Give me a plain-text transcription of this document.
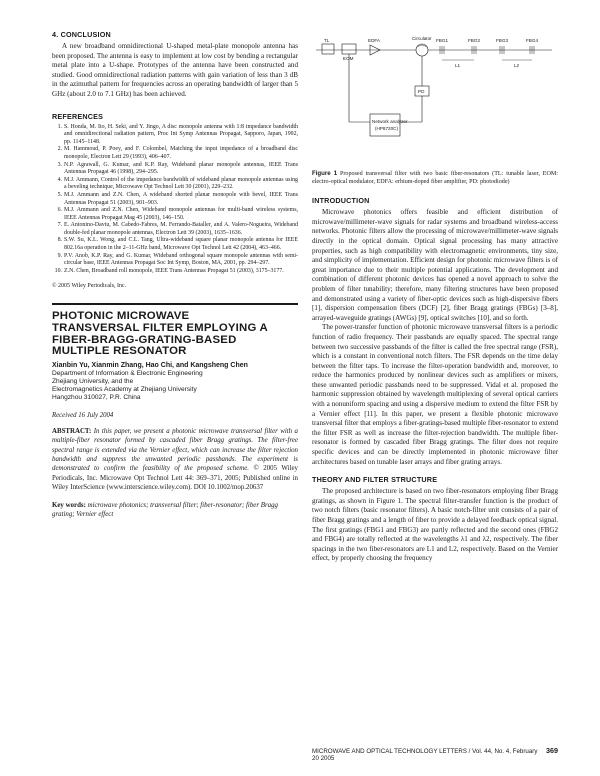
4. CONCLUSION

A new broadband omnidirectional U-shaped metal-plate monopole antenna has been proposed. The antenna is easy to implement at low cost by bending a rectangular metal plate into a U-shape. Prototypes of the antenna have been constructed and studied. Good omnidirectional radiation patterns with gain variation of less than 3 dB in the azimuthal pattern for frequencies across an operating bandwidth of larger than 5 GHz (about 2.0 to 7.1 GHz) has been achieved.

REFERENCES
1. S. Honda, M. Ito, H. Seki, and Y. Jingo, A disc monopole antenna with 1:8 impedance bandwidth and omnidirectional radiation pattern, Proc Int Symp Antennas Propagat, Sapporo, Japan, 1992, pp. 1145–1148.
2. M. Hammoud, P. Poey, and F. Colombel, Matching the input impedance of a broadband disc monopole, Electron Lett 29 (1993), 406–407.
3. N.P. Agrawall, G. Kumar, and K.P. Ray, Wideband planar monopole antennas, IEEE Trans Antennas Propagat 46 (1998), 294–295.
4. M.J. Ammann, Control of the impedance bandwidth of wideband planar monopole antennas using a beveling technique, Microwave Opt Technol Lett 30 (2001), 229–232.
5. M.J. Ammann and Z.N. Chen, A wideband shorted planar monopole with bevel, IEEE Trans Antennas Propagat 51 (2003), 901–903.
6. M.J. Ammann and Z.N. Chen, Wideband monopole antennas for multi-band wireless systems, IEEE Antennas Propagat Mag 45 (2003), 146–150.
7. E. Antonino-Daviu, M. Cabedo-Fabres, M. Ferrando-Bataller, and A. Valero-Nogueira, Wideband double-fed planar monopole antennas, Electron Lett 39 (2003), 1635–1636.
8. S.W. Su, K.L. Wong, and C.L. Tang, Ultra-wideband square planar monopole antenna for IEEE 802.16a operation in the 2–11-GHz band, Microwave Opt Technol Lett 42 (2004), 463–466.
9. P.V. Anob, K.P. Ray, and G. Kumar, Wideband orthogonal square monopole antennas with semi-circular base, IEEE Antennas Propagat Soc Int Symp, Boston, MA, 2001, pp. 294–297.
10. Z.N. Chen, Broadband roll monopole, IEEE Trans Antennas Propagat 51 (2003), 3175–3177.
© 2005 Wiley Periodicals, Inc.
PHOTONIC MICROWAVE
TRANSVERSAL FILTER EMPLOYING A
FIBER-BRAGG-GRATING-BASED
MULTIPLE RESONATOR
Xianbin Yu, Xianmin Zhang, Hao Chi, and Kangsheng Chen

Department of Information & Electronic Engineering
Zhejiang University, and the
Electromagnetics Academy at Zhejiang University
Hangzhou 310027, P.R. China

Received 16 July 2004

ABSTRACT: In this paper, we present a photonic microwave transversal filter with a multiple-fiber resonator formed by cascaded fiber Bragg gratings. The filter-free spectral range is extended via the Vernier effect, which can increase the filter rejection bandwidth and suppress the unwanted periodic passbands. The experiment is demonstrated to confirm the feasibility of the proposed scheme. © 2005 Wiley Periodicals, Inc. Microwave Opt Technol Lett 44: 369–371, 2005; Published online in Wiley InterScience (www.interscience.wiley.com). DOI 10.1002/mop.20637

Key words: microwave photonics; transversal filter; fiber-resonator; fiber Bragg grating; Vernier effect

TL
EOM
EDFA	Circulator FBG1	FBG2	FBG3	FBG4
L1	L2
PD
Network analyzer
(HP8720C)

Figure 1 Proposed transversal filter with two basic fiber-resonators (TL: tunable laser, EOM: electro-optical modulator, EDFA: erbium-doped fiber amplifier, PD: photodiode)

INTRODUCTION

Microwave photonics offers feasible and efficient distribution of microwave/millimeter-wave signals for radar systems and broadband wireless-access networks. Photonic filters allow the processing of microwave/millimeter-wave signals directly in the optical domain. Optical signal processing has many attractive properties, such as high compatibility with electromagnetic environments, tiny size, and simplicity of implementation. Efficient design for photonic microwave filters is of great importance due to their multiple potential applications. The development and combination of different photonic devices has opened a novel approach to solve the problem of filter tunability; therefore, many filtering structures have been proposed and demonstrated using a variety of fiber-optic devices such as high-dispersive fibers [1], dispersion compensation fibers (DCF) [2], fiber Bragg gratings (FBGs) [3–8], arrayed-waveguide gratings (AWGs) [9], optical switches [10], and so forth.

The power-transfer function of photonic microwave transversal filters is a periodic function of radio frequency. Their passbands are equally spaced. The spectral range between two successive passbands of the filter is called the free spectral range (FSR), which is a constant in conventional notch filters. The FSR depends on the time delay between the filter taps. To increase the filter-operation bandwidth and, moreover, to reduce the harmonics produced by nonlinear devices such as amplifiers or mixers, these unwanted periodic passbands need to be suppressed. Vidal et al. proposed the harmonic suppression obtained by wavelength multiplexing of several optical carriers with a nonuniform spacing and using a dispersive medium to extend the filter FSR by a Vernier effect [11]. In this paper, we present a flexible photonic microwave transversal filter that employs a fiber-gratings-based multiple fiber-resonator to extend the filter FSR as well as increase the filter-rejection bandwidth. The multiple fiber-resonator is formed by cascaded fiber Bragg gratings. The filter does not require specific devices and can be directly implemented in photonic microwave filter architectures based on tunable laser arrays and fiber grating arrays.

THEORY AND FILTER STRUCTURE

The proposed architecture is based on two fiber-resonators employing fiber Bragg gratings, as shown in Figure 1. The spectral filter-transfer function is the product of two notch filters (basic resonator filters). A basic notch-filter unit consists of a pair of fiber Bragg gratings and a length of fiber to provide a delayed feedback optical signal. The first gratings (FBG1 and FBG3) are partly reflected and the second ones (FBG2 and FBG4) are totally reflected at the wavelengths λ1 and λ2, respectively. The fiber spacings in the two fiber-resonators are L1 and L2, respectively. Based on the Vernier effect, by properly choosing the frequency

MICROWAVE AND OPTICAL TECHNOLOGY LETTERS / Vol. 44, No. 4, February 20 2005
369
